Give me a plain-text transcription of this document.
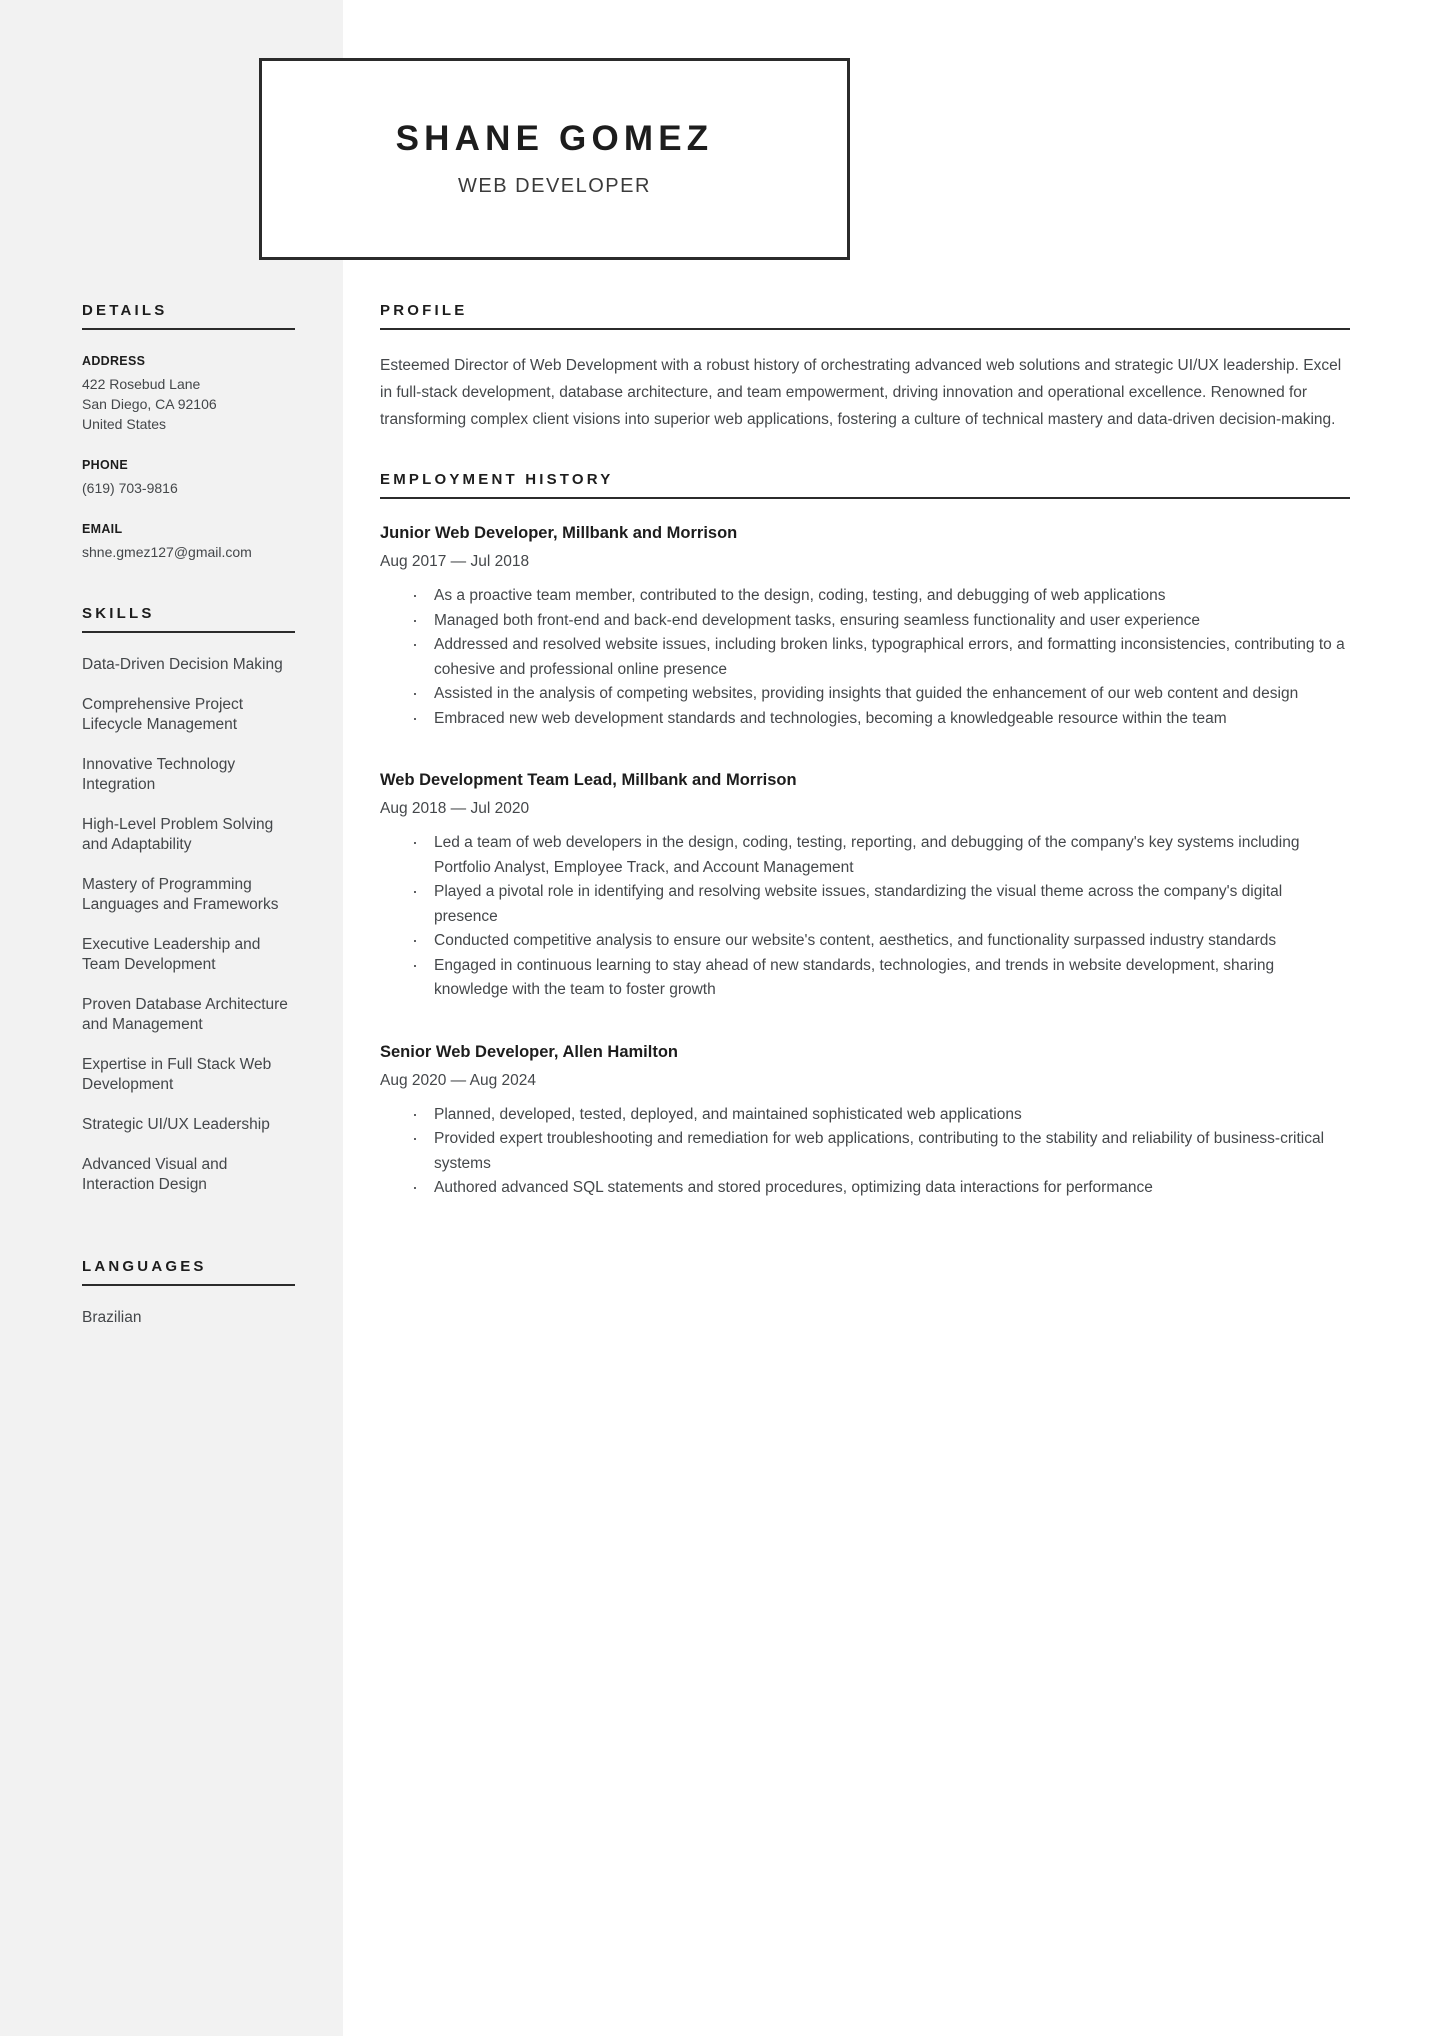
SHANE GOMEZ
WEB DEVELOPER
DETAILS
ADDRESS
422 Rosebud Lane
San Diego, CA 92106
United States
PHONE
(619) 703-9816
EMAIL
shne.gmez127@gmail.com
SKILLS
Data-Driven Decision Making
Comprehensive Project Lifecycle Management
Innovative Technology Integration
High-Level Problem Solving and Adaptability
Mastery of Programming Languages and Frameworks
Executive Leadership and Team Development
Proven Database Architecture and Management
Expertise in Full Stack Web Development
Strategic UI/UX Leadership
Advanced Visual and Interaction Design
LANGUAGES
Brazilian
PROFILE

Esteemed Director of Web Development with a robust history of orchestrating advanced web solutions and strategic UI/UX leadership. Excel in full-stack development, database architecture, and team empowerment, driving innovation and operational excellence. Renowned for transforming complex client visions into superior web applications, fostering a culture of technical mastery and data-driven decision-making.

EMPLOYMENT HISTORY
Junior Web Developer, Millbank and Morrison
Aug 2017 — Jul 2018
· As a proactive team member, contributed to the design, coding, testing, and debugging of web applications
· Managed both front-end and back-end development tasks, ensuring seamless functionality and user experience
· Addressed and resolved website issues, including broken links, typographical errors, and formatting inconsistencies, contributing to a cohesive and professional online presence
· Assisted in the analysis of competing websites, providing insights that guided the enhancement of our web content and design
· Embraced new web development standards and technologies, becoming a knowledgeable resource within the team
Web Development Team Lead, Millbank and Morrison
Aug 2018 — Jul 2020
· Led a team of web developers in the design, coding, testing, reporting, and debugging of the company's key systems including Portfolio Analyst, Employee Track, and Account Management
· Played a pivotal role in identifying and resolving website issues, standardizing the visual theme across the company's digital presence
· Conducted competitive analysis to ensure our website's content, aesthetics, and functionality surpassed industry standards
· Engaged in continuous learning to stay ahead of new standards, technologies, and trends in website development, sharing knowledge with the team to foster growth
Senior Web Developer, Allen Hamilton
Aug 2020 — Aug 2024
· Planned, developed, tested, deployed, and maintained sophisticated web applications
· Provided expert troubleshooting and remediation for web applications, contributing to the stability and reliability of business-critical systems
· Authored advanced SQL statements and stored procedures, optimizing data interactions for performance
